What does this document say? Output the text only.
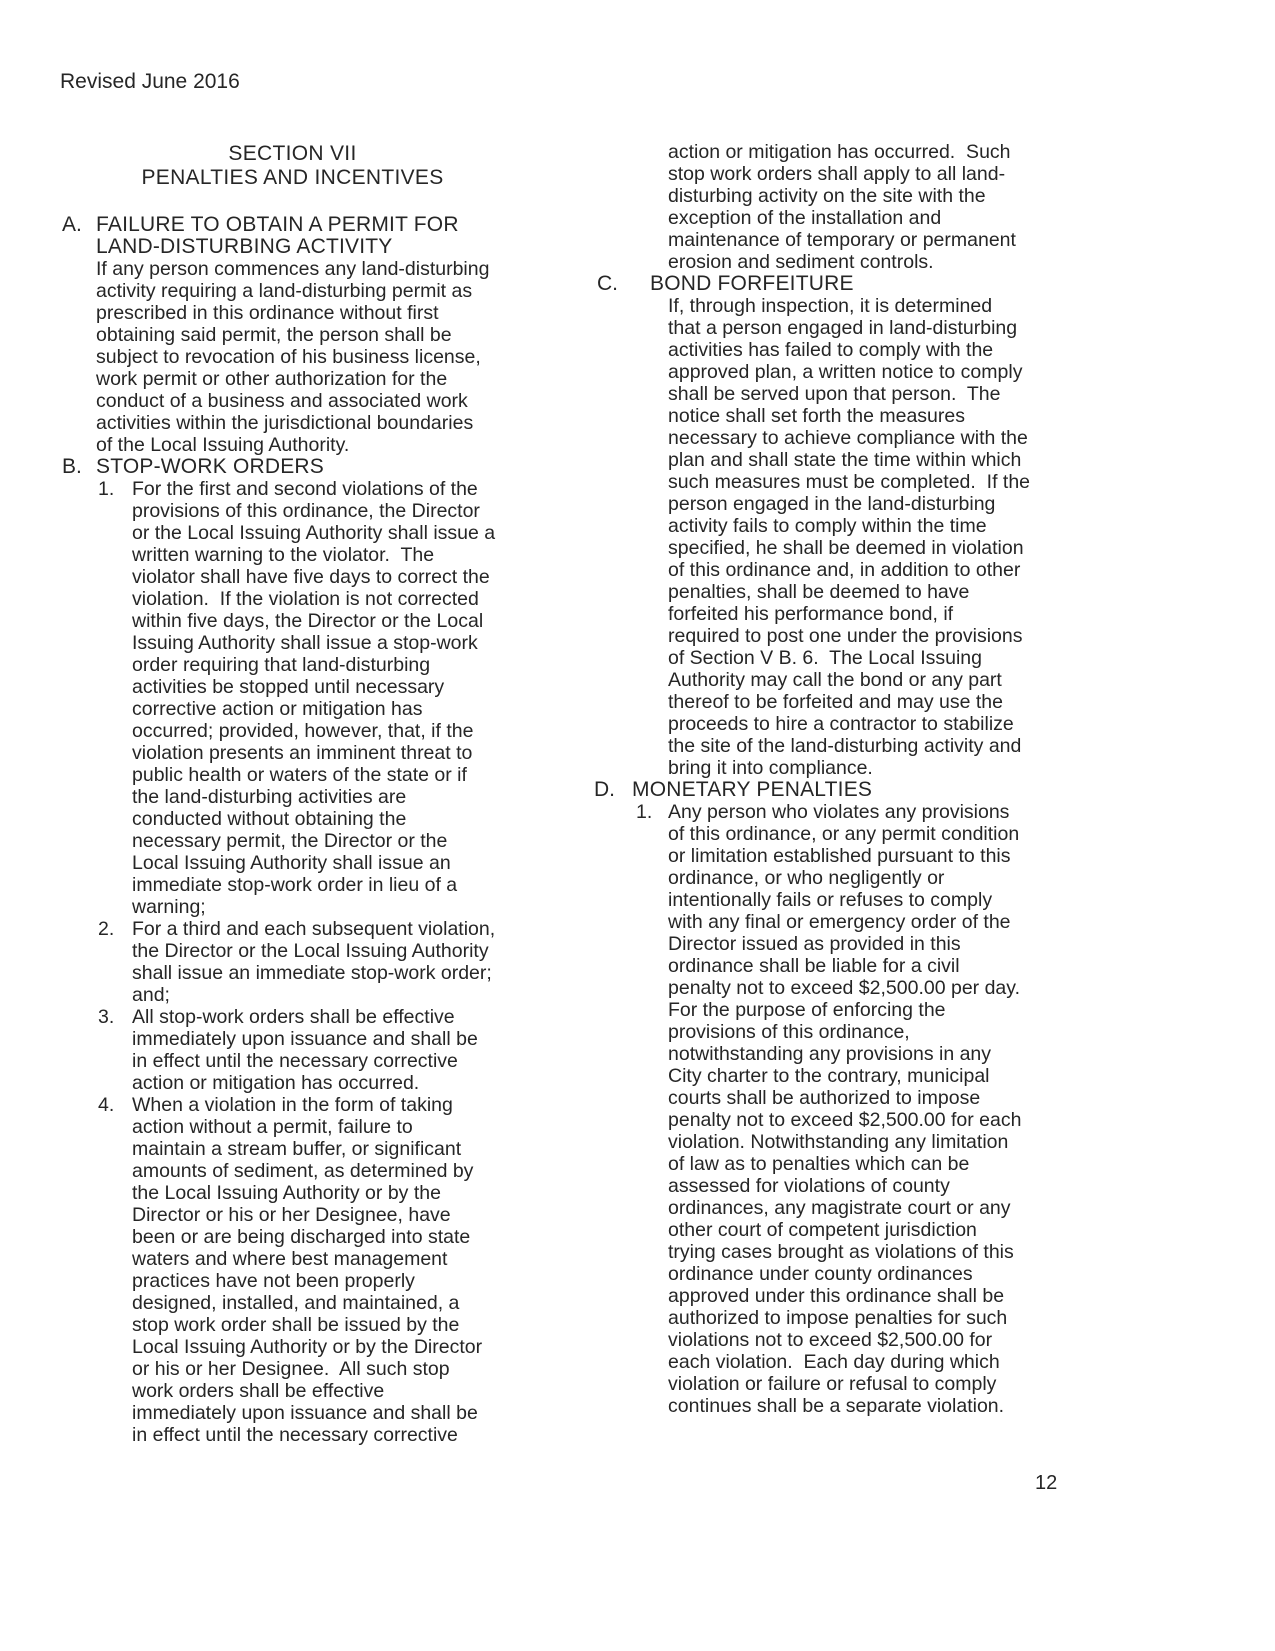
Revised June 2016
SECTION VII
PENALTIES AND INCENTIVES
A. FAILURE TO OBTAIN A PERMIT FOR
LAND-DISTURBING ACTIVITY
If any person commences any land-disturbing
activity requiring a land-disturbing permit as
prescribed in this ordinance without first
obtaining said permit, the person shall be
subject to revocation of his business license,
work permit or other authorization for the
conduct of a business and associated work
activities within the jurisdictional boundaries
of the Local Issuing Authority.
B. STOP-WORK ORDERS
1. For the first and second violations of the
provisions of this ordinance, the Director
or the Local Issuing Authority shall issue a
written warning to the violator.  The
violator shall have five days to correct the
violation.  If the violation is not corrected
within five days, the Director or the Local
Issuing Authority shall issue a stop-work
order requiring that land-disturbing
activities be stopped until necessary
corrective action or mitigation has
occurred; provided, however, that, if the
violation presents an imminent threat to
public health or waters of the state or if
the land-disturbing activities are
conducted without obtaining the
necessary permit, the Director or the
Local Issuing Authority shall issue an
immediate stop-work order in lieu of a
warning;
2. For a third and each subsequent violation,
the Director or the Local Issuing Authority
shall issue an immediate stop-work order;
and;
3. All stop-work orders shall be effective
immediately upon issuance and shall be
in effect until the necessary corrective
action or mitigation has occurred.
4. When a violation in the form of taking
action without a permit, failure to
maintain a stream buffer, or significant
amounts of sediment, as determined by
the Local Issuing Authority or by the
Director or his or her Designee, have
been or are being discharged into state
waters and where best management
practices have not been properly
designed, installed, and maintained, a
stop work order shall be issued by the
Local Issuing Authority or by the Director
or his or her Designee.  All such stop
work orders shall be effective
immediately upon issuance and shall be
in effect until the necessary corrective
action or mitigation has occurred.  Such
stop work orders shall apply to all land-
disturbing activity on the site with the
exception of the installation and
maintenance of temporary or permanent
erosion and sediment controls.
C. BOND FORFEITURE
If, through inspection, it is determined
that a person engaged in land-disturbing
activities has failed to comply with the
approved plan, a written notice to comply
shall be served upon that person.  The
notice shall set forth the measures
necessary to achieve compliance with the
plan and shall state the time within which
such measures must be completed.  If the
person engaged in the land-disturbing
activity fails to comply within the time
specified, he shall be deemed in violation
of this ordinance and, in addition to other
penalties, shall be deemed to have
forfeited his performance bond, if
required to post one under the provisions
of Section V B. 6.  The Local Issuing
Authority may call the bond or any part
thereof to be forfeited and may use the
proceeds to hire a contractor to stabilize
the site of the land-disturbing activity and
bring it into compliance.
D. MONETARY PENALTIES
1. Any person who violates any provisions
of this ordinance, or any permit condition
or limitation established pursuant to this
ordinance, or who negligently or
intentionally fails or refuses to comply
with any final or emergency order of the
Director issued as provided in this
ordinance shall be liable for a civil
penalty not to exceed $2,500.00 per day.
For the purpose of enforcing the
provisions of this ordinance,
notwithstanding any provisions in any
City charter to the contrary, municipal
courts shall be authorized to impose
penalty not to exceed $2,500.00 for each
violation. Notwithstanding any limitation
of law as to penalties which can be
assessed for violations of county
ordinances, any magistrate court or any
other court of competent jurisdiction
trying cases brought as violations of this
ordinance under county ordinances
approved under this ordinance shall be
authorized to impose penalties for such
violations not to exceed $2,500.00 for
each violation.  Each day during which
violation or failure or refusal to comply
continues shall be a separate violation.
12
